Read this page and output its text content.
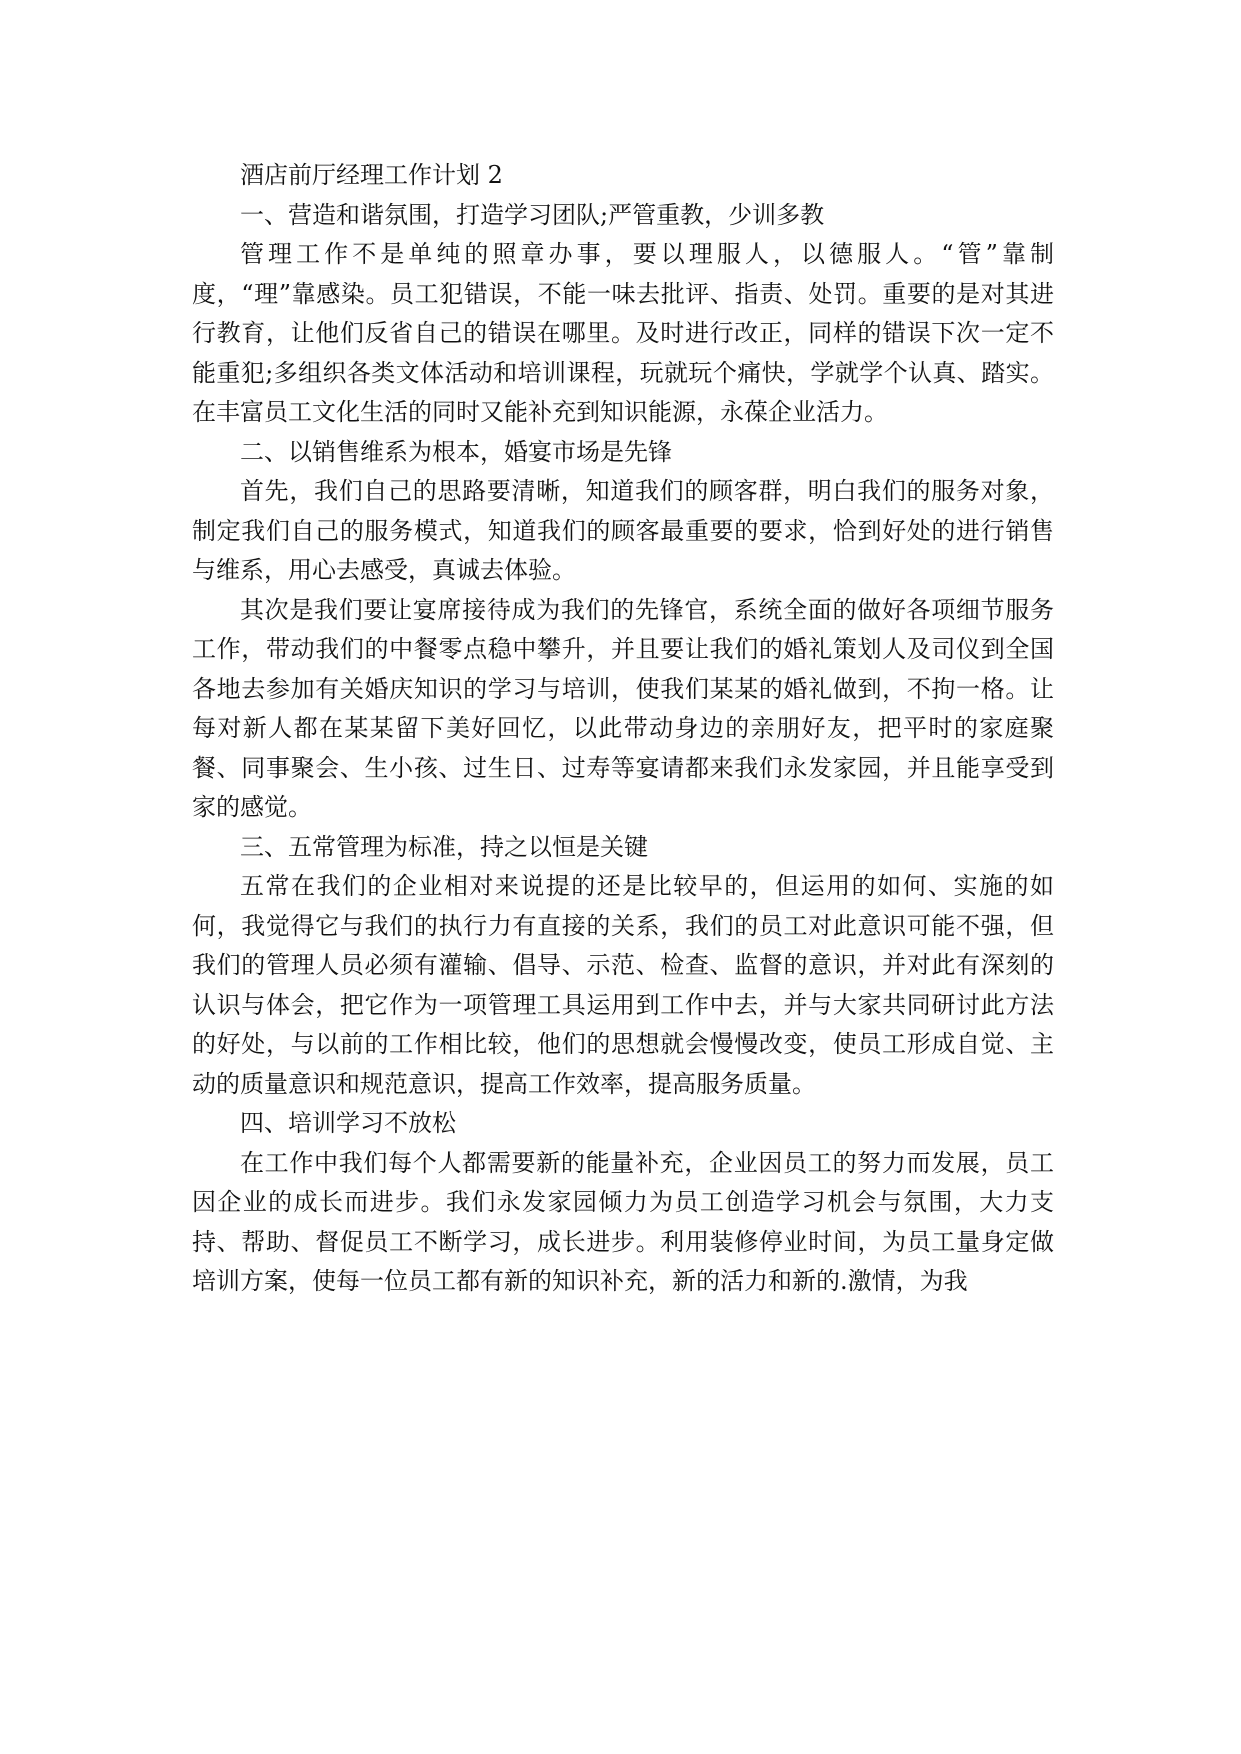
酒店前厅经理工作计划 2

一、营造和谐氛围，打造学习团队;严管重教，少训多教

管理工作不是单纯的照章办事，要以理服人，以德服人。“管”靠制度，“理”靠感染。员工犯错误，不能一味去批评、指责、处罚。重要的是对其进行教育，让他们反省自己的错误在哪里。及时进行改正，同样的错误下次一定不能重犯;多组织各类文体活动和培训课程，玩就玩个痛快，学就学个认真、踏实。在丰富员工文化生活的同时又能补充到知识能源，永葆企业活力。

二、以销售维系为根本，婚宴市场是先锋

首先，我们自己的思路要清晰，知道我们的顾客群，明白我们的服务对象，制定我们自己的服务模式，知道我们的顾客最重要的要求，恰到好处的进行销售与维系，用心去感受，真诚去体验。

其次是我们要让宴席接待成为我们的先锋官，系统全面的做好各项细节服务工作，带动我们的中餐零点稳中攀升，并且要让我们的婚礼策划人及司仪到全国各地去参加有关婚庆知识的学习与培训，使我们某某的婚礼做到，不拘一格。让每对新人都在某某留下美好回忆，以此带动身边的亲朋好友，把平时的家庭聚餐、同事聚会、生小孩、过生日、过寿等宴请都来我们永发家园，并且能享受到家的感觉。

三、五常管理为标准，持之以恒是关键

五常在我们的企业相对来说提的还是比较早的，但运用的如何、实施的如何，我觉得它与我们的执行力有直接的关系，我们的员工对此意识可能不强，但我们的管理人员必须有灌输、倡导、示范、检查、监督的意识，并对此有深刻的认识与体会，把它作为一项管理工具运用到工作中去，并与大家共同研讨此方法的好处，与以前的工作相比较，他们的思想就会慢慢改变，使员工形成自觉、主动的质量意识和规范意识，提高工作效率，提高服务质量。

四、培训学习不放松

在工作中我们每个人都需要新的能量补充，企业因员工的努力而发展，员工因企业的成长而进步。我们永发家园倾力为员工创造学习机会与氛围，大力支持、帮助、督促员工不断学习，成长进步。利用装修停业时间，为员工量身定做培训方案，使每一位员工都有新的知识补充，新的活力和新的.激情，为我
